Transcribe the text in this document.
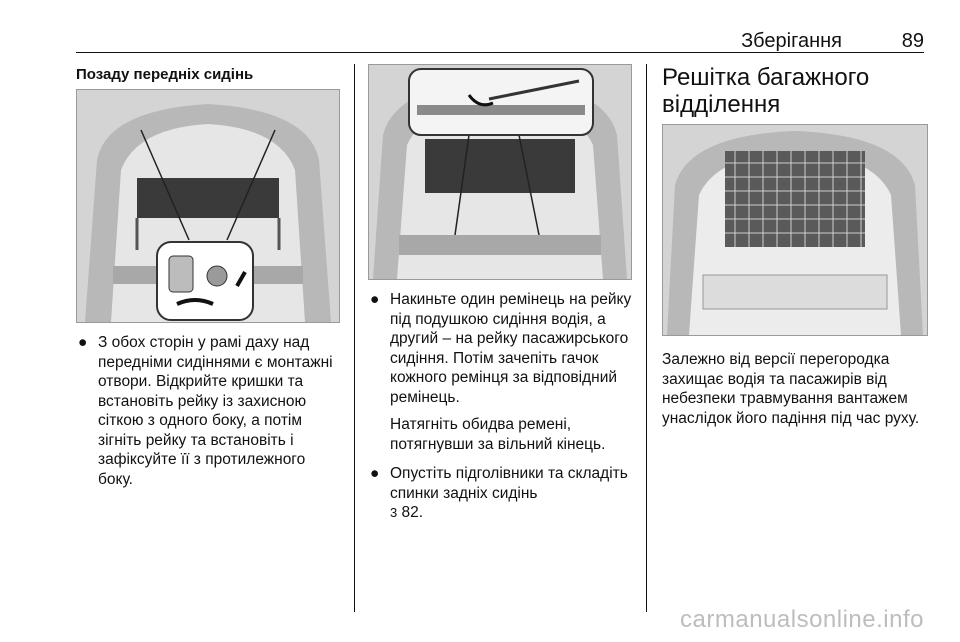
Зберігання	89
Позаду передніх сидінь
● З обох сторін у рамі даху над передніми сидіннями є монтажні отвори. Відкрийте кришки та встановіть рейку із захисною сіткою з одного боку, а потім зігніть рейку та встановіть і зафіксуйте її з протилежного боку.
● Накиньте один ремінець на рейку під подушкою сидіння водія, а другий – на рейку пасажирського сидіння. Потім зачепіть гачок кожного ремінця за відповідний ремінець.

Натягніть обидва ремені, потягнувши за вільний кінець.

● Опустіть підголівники та складіть спинки задніх сидінь
3 82.
Решітка багажного
відділення

Залежно від версії перегородка захищає водія та пасажирів від небезпеки травмування вантажем унаслідок його падіння під час руху.

carmanualsonline.info
